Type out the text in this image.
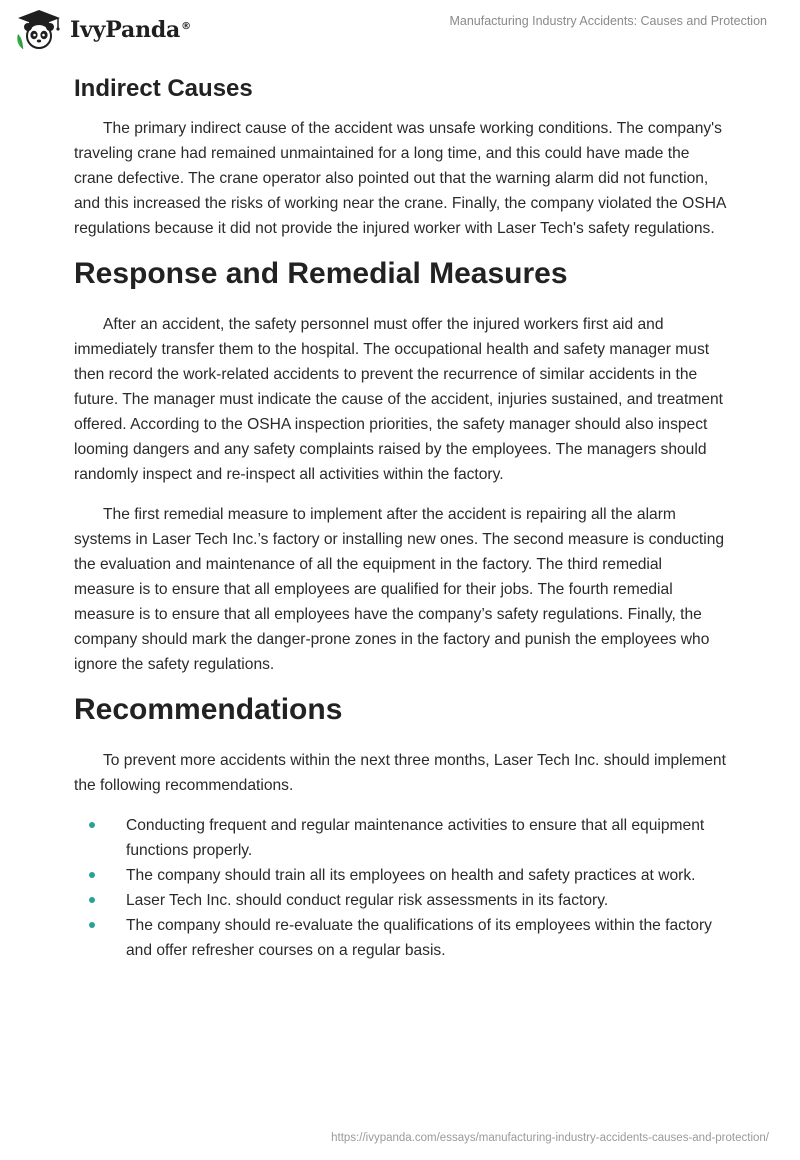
IvyPanda®	Manufacturing Industry Accidents: Causes and Protection
Indirect Causes

The primary indirect cause of the accident was unsafe working conditions. The company's traveling crane had remained unmaintained for a long time, and this could have made the crane defective. The crane operator also pointed out that the warning alarm did not function, and this increased the risks of working near the crane. Finally, the company violated the OSHA regulations because it did not provide the injured worker with Laser Tech's safety regulations.

Response and Remedial Measures

After an accident, the safety personnel must offer the injured workers first aid and immediately transfer them to the hospital. The occupational health and safety manager must then record the work-related accidents to prevent the recurrence of similar accidents in the future. The manager must indicate the cause of the accident, injuries sustained, and treatment offered. According to the OSHA inspection priorities, the safety manager should also inspect looming dangers and any safety complaints raised by the employees. The managers should randomly inspect and re-inspect all activities within the factory.

The first remedial measure to implement after the accident is repairing all the alarm systems in Laser Tech Inc.’s factory or installing new ones. The second measure is conducting the evaluation and maintenance of all the equipment in the factory. The third remedial measure is to ensure that all employees are qualified for their jobs. The fourth remedial measure is to ensure that all employees have the company’s safety regulations. Finally, the company should mark the danger-prone zones in the factory and punish the employees who ignore the safety regulations.

Recommendations

To prevent more accidents within the next three months, Laser Tech Inc. should implement the following recommendations.

Conducting frequent and regular maintenance activities to ensure that all equipment functions properly.
The company should train all its employees on health and safety practices at work.
Laser Tech Inc. should conduct regular risk assessments in its factory.
The company should re-evaluate the qualifications of its employees within the factory and offer refresher courses on a regular basis.
https://ivypanda.com/essays/manufacturing-industry-accidents-causes-and-protection/
